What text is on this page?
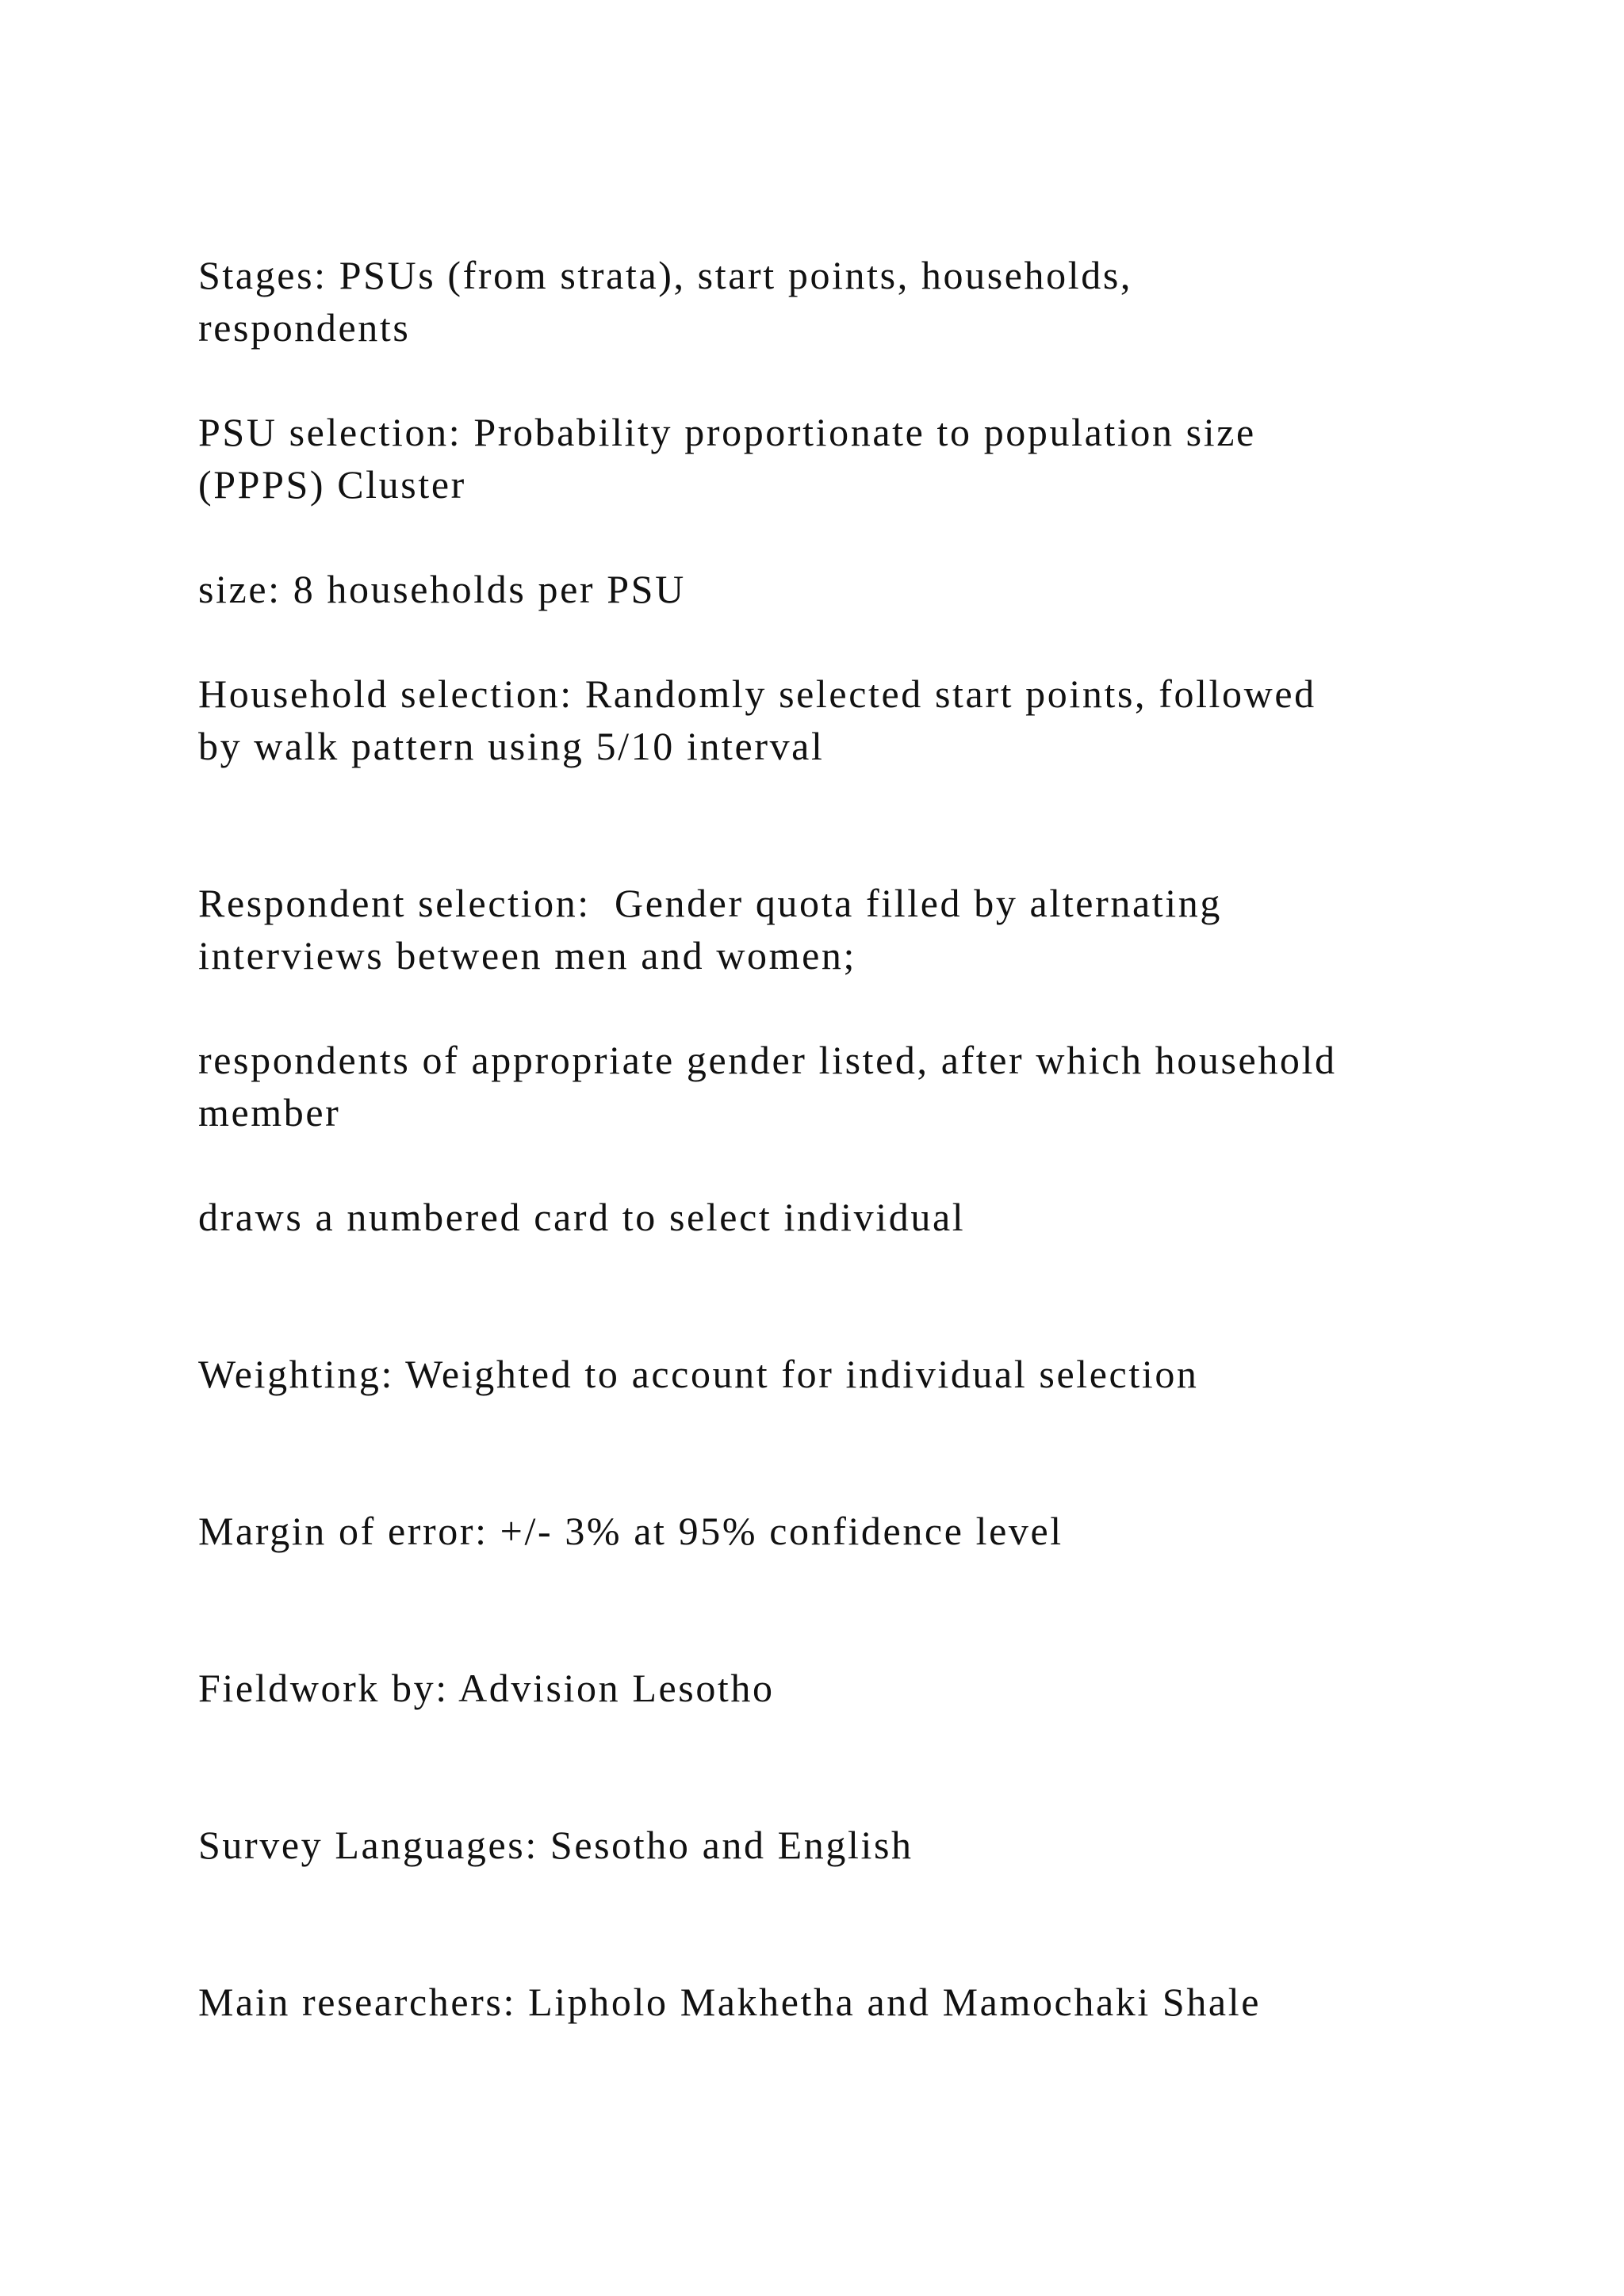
Stages: PSUs (from strata), start points, households,
respondents

PSU selection: Probability proportionate to population size
(PPPS) Cluster

size: 8 households per PSU

Household selection: Randomly selected start points, followed
by walk pattern using 5/10 interval

Respondent selection:  Gender quota filled by alternating
interviews between men and women;

respondents of appropriate gender listed, after which household
member

draws a numbered card to select individual

Weighting: Weighted to account for individual selection

Margin of error: +/- 3% at 95% confidence level

Fieldwork by: Advision Lesotho

Survey Languages: Sesotho and English

Main researchers: Lipholo Makhetha and Mamochaki Shale
